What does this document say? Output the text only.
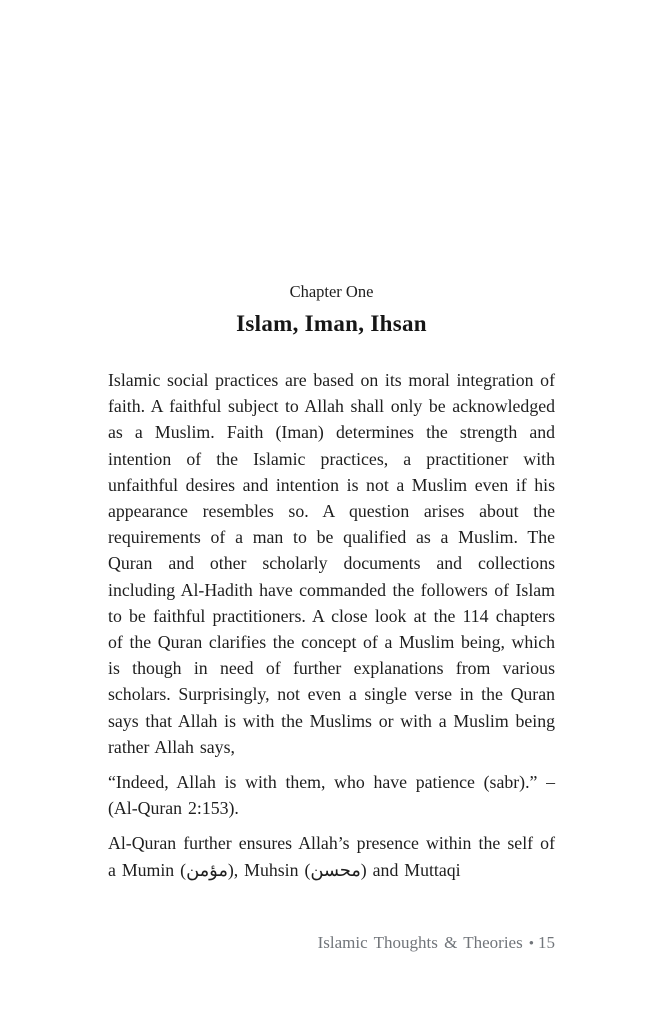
Chapter One
Islam, Iman, Ihsan

Islamic social practices are based on its moral integration of faith. A faithful subject to Allah shall only be acknowledged as a Muslim. Faith (Iman) determines the strength and intention of the Islamic practices, a practitioner with unfaithful desires and intention is not a Muslim even if his appearance resembles so. A question arises about the requirements of a man to be qualified as a Muslim. The Quran and other scholarly documents and collections including Al-Hadith have commanded the followers of Islam to be faithful practitioners. A close look at the 114 chapters of the Quran clarifies the concept of a Muslim being, which is though in need of further explanations from various scholars. Surprisingly, not even a single verse in the Quran says that Allah is with the Muslims or with a Muslim being rather Allah says,

“Indeed, Allah is with them, who have patience (sabr).” – (Al-Quran 2:153).

Al-Quran further ensures Allah’s presence within the self of a Mumin (مؤمن), Muhsin (محسن) and Muttaqi

Islamic Thoughts & Theories • 15
